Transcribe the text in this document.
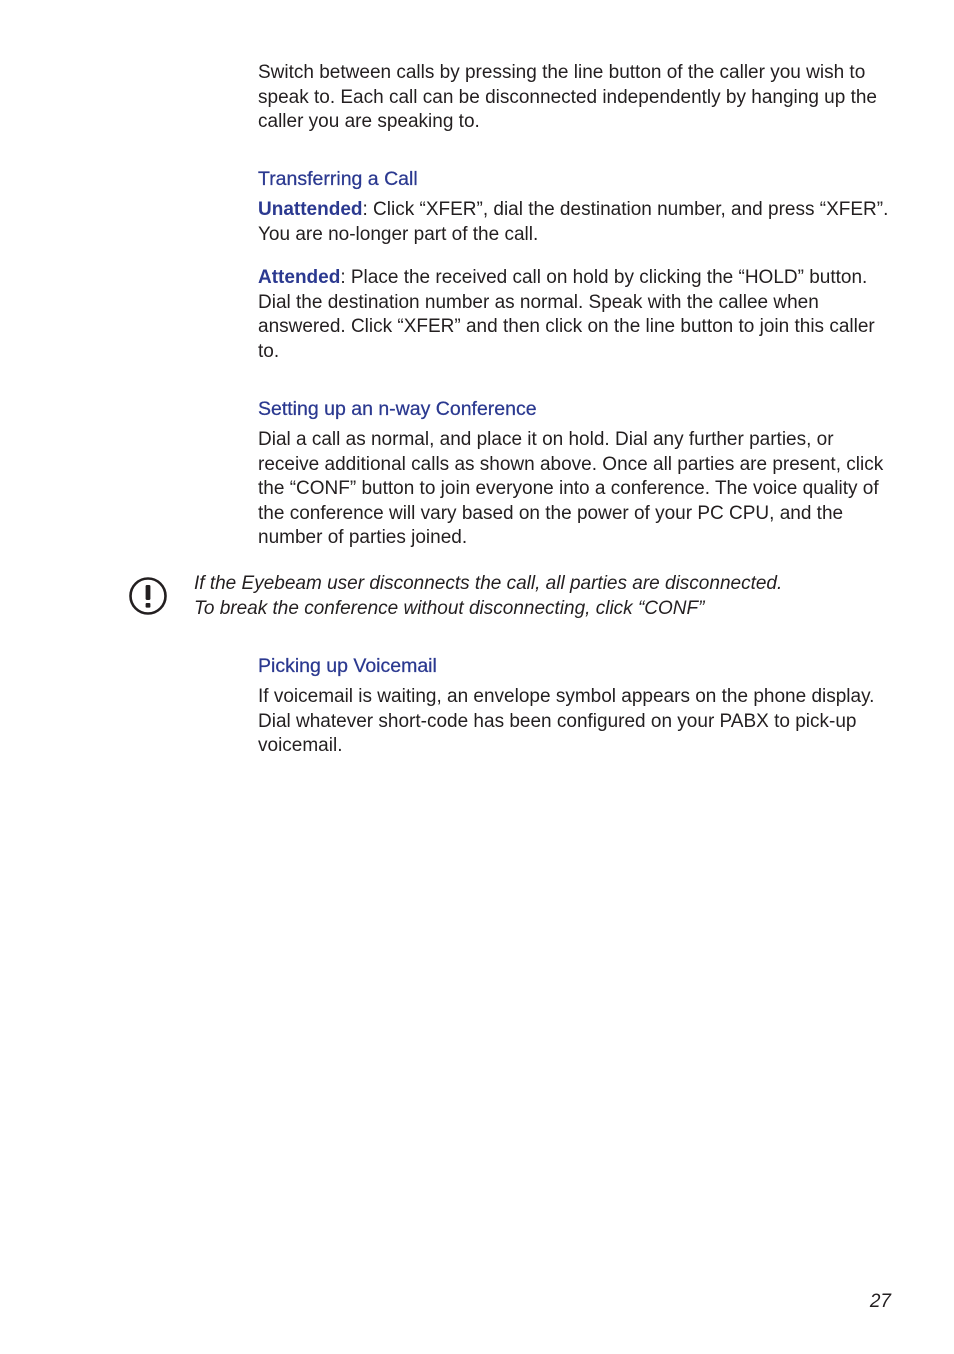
Switch between calls by pressing the line button of the caller you wish to speak to. Each call can be disconnected independently by hanging up the caller you are speaking to.

Transferring a Call

Unattended: Click “XFER”, dial the destination number, and press “XFER”. You are no-longer part of the call.

Attended: Place the received call on hold by clicking the “HOLD” button. Dial the destination number as normal. Speak with the callee when answered. Click “XFER” and then click on the line button to join this caller to.

Setting up an n-way Conference

Dial a call as normal, and place it on hold. Dial any further parties, or receive additional calls as shown above. Once all parties are present, click the “CONF” button to join everyone into a conference. The voice quality of the conference will vary based on the power of your PC CPU, and the number of parties joined.

If the Eyebeam user disconnects the call, all parties are disconnected.
To break the conference without disconnecting, click “CONF”
Picking up Voicemail

If voicemail is waiting, an envelope symbol appears on the phone display. Dial whatever short-code has been configured on your PABX to pick-up voicemail.

27
